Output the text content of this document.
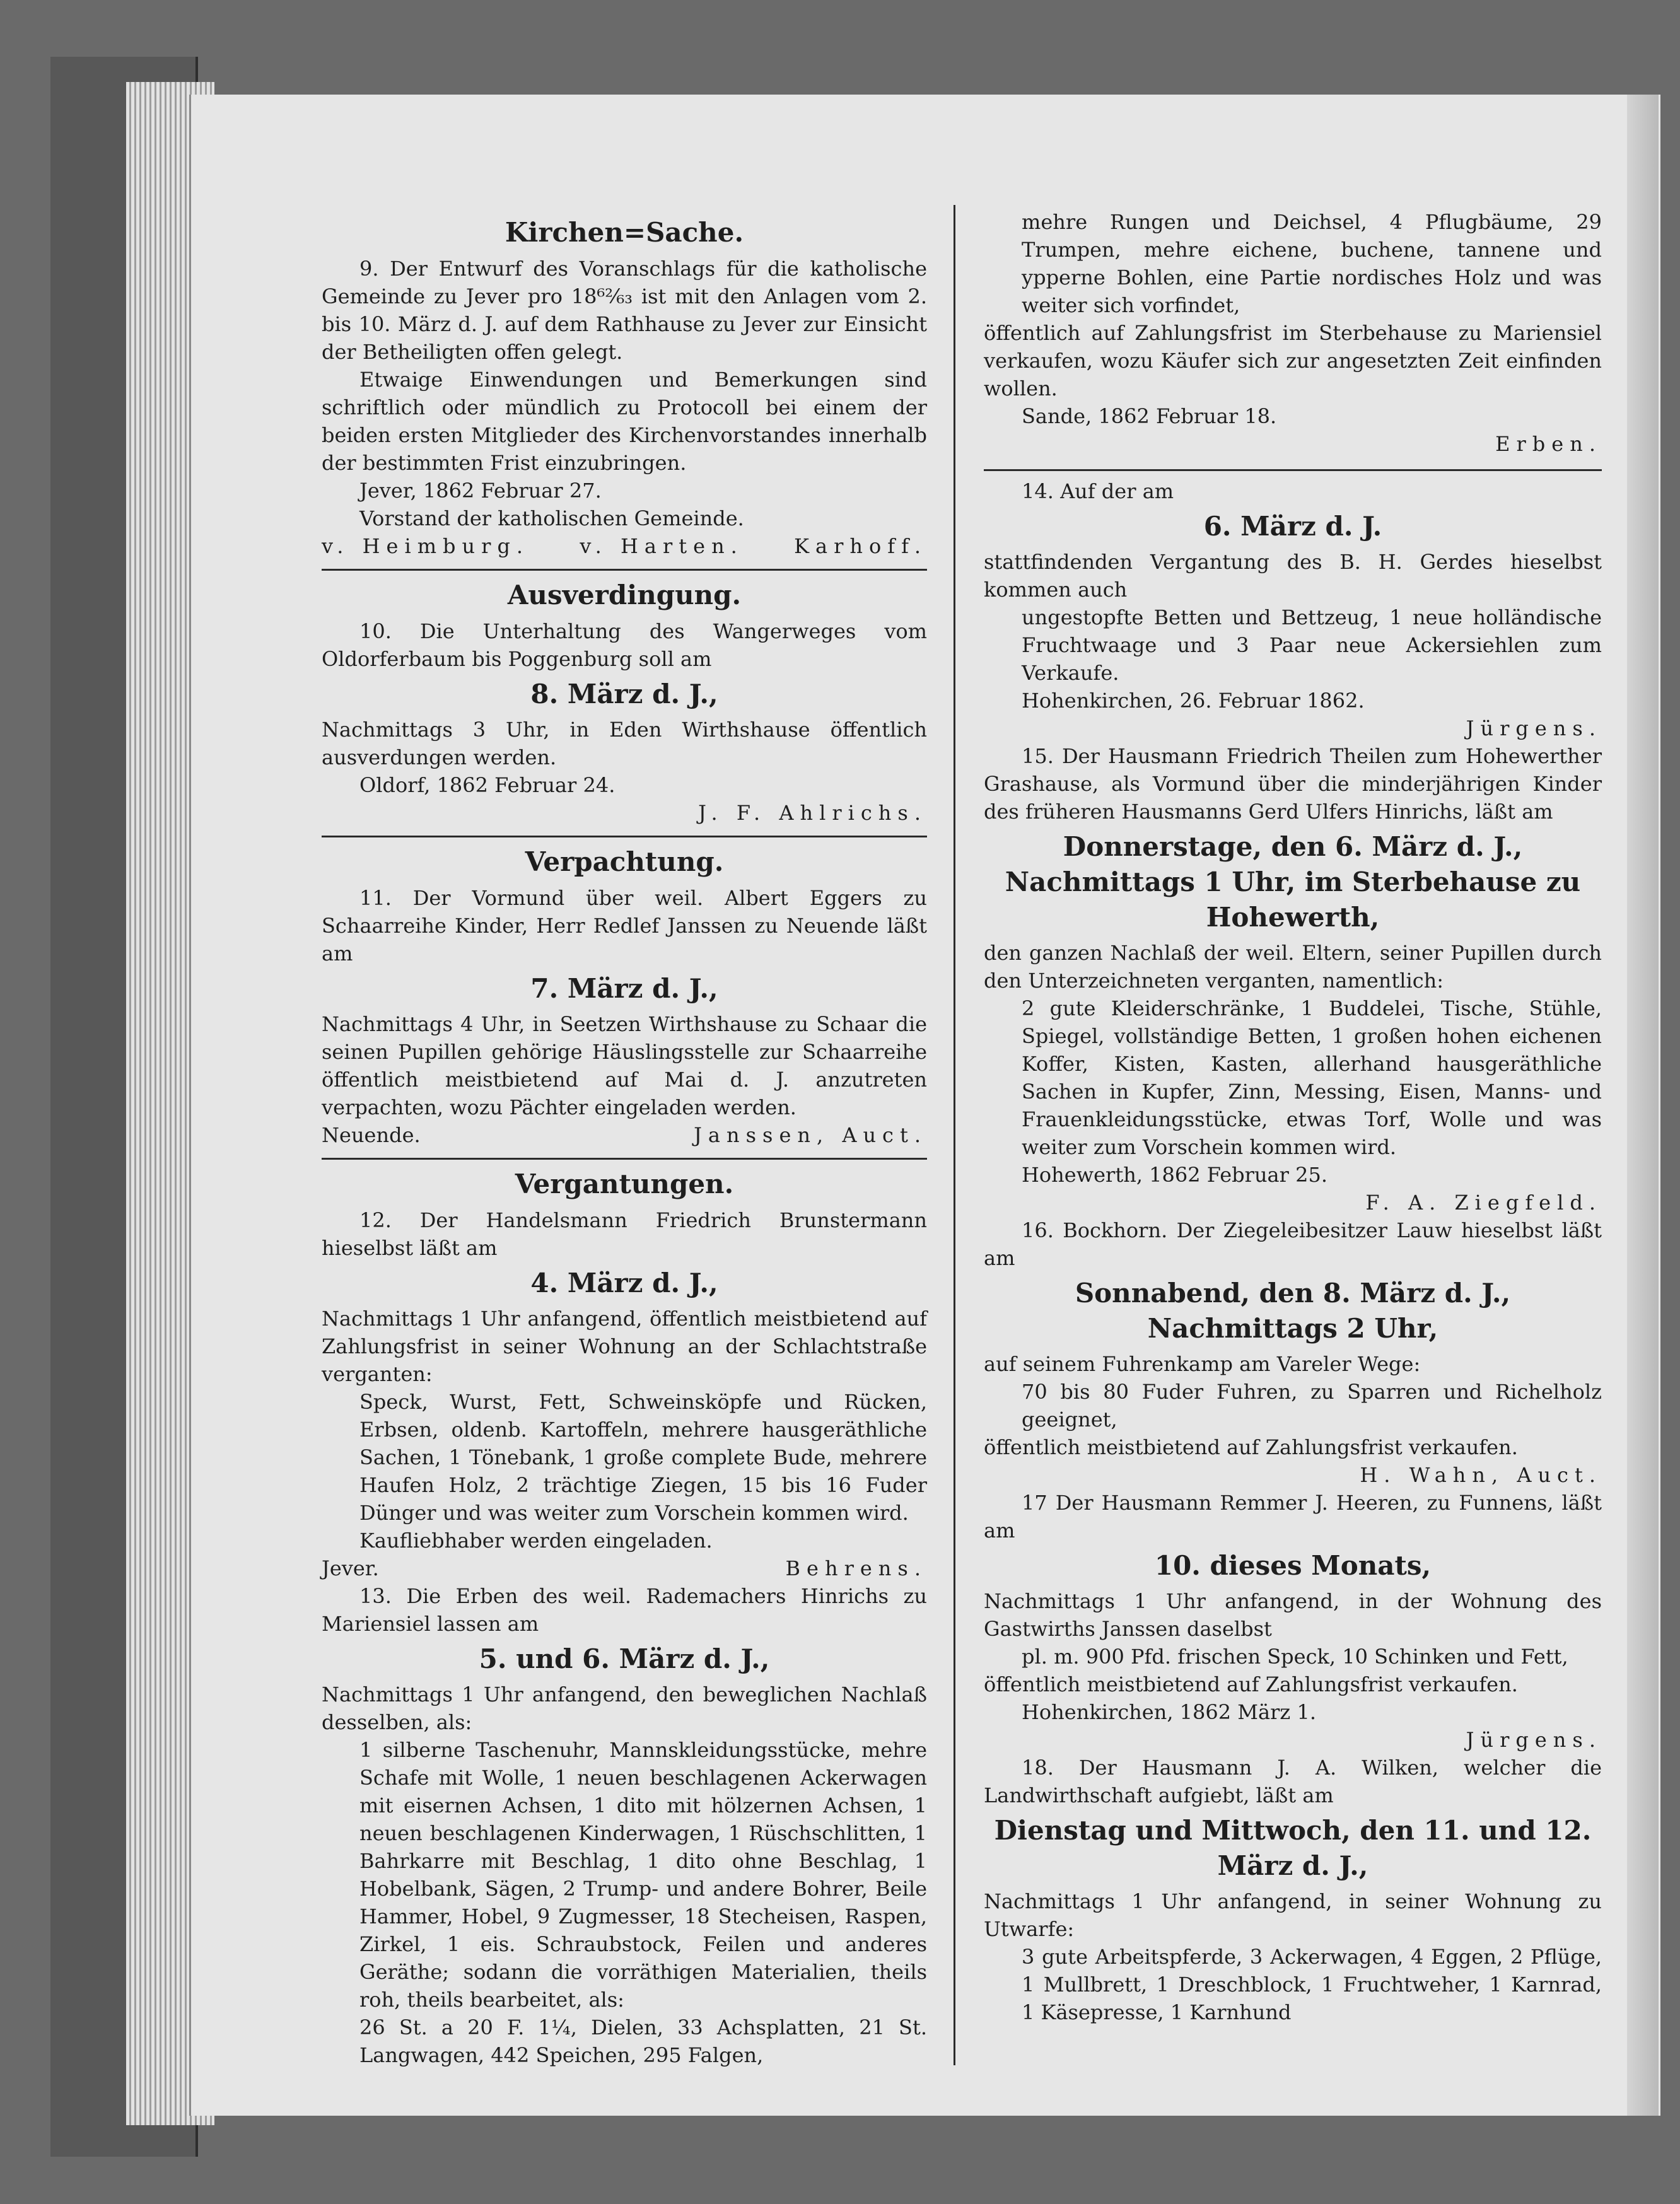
Kirchen=Sache.

9. Der Entwurf des Voranschlags für die katholische Gemeinde zu Jever pro 18⁶²⁄₆₃ ist mit den Anlagen vom 2. bis 10. März d. J. auf dem Rathhause zu Jever zur Einsicht der Betheiligten offen gelegt.

Etwaige Einwendungen und Bemerkungen sind schriftlich oder mündlich zu Protocoll bei einem der beiden ersten Mitglieder des Kirchenvorstandes innerhalb der bestimmten Frist einzubringen.

Jever, 1862 Februar 27.

Vorstand der katholischen Gemeinde.

v. Heimburg.	v. Harten.	Karhoff.
Ausverdingung.

10. Die Unterhaltung des Wangerweges vom Oldorferbaum bis Poggenburg soll am

8. März d. J.,

Nachmittags 3 Uhr, in Eden Wirthshause öffentlich ausverdungen werden.

Oldorf, 1862 Februar 24.

J. F. Ahlrichs.
Verpachtung.

11. Der Vormund über weil. Albert Eggers zu Schaarreihe Kinder, Herr Redlef Janssen zu Neuende läßt am

7. März d. J.,

Nachmittags 4 Uhr, in Seetzen Wirthshause zu Schaar die seinen Pupillen gehörige Häuslingsstelle zur Schaarreihe öffentlich meistbietend auf Mai d. J. anzutreten verpachten, wozu Pächter eingeladen werden.

Neuende.	Janssen, Auct.
Vergantungen.

12. Der Handelsmann Friedrich Brunstermann hieselbst läßt am

4. März d. J.,

Nachmittags 1 Uhr anfangend, öffentlich meistbietend auf Zahlungsfrist in seiner Wohnung an der Schlachtstraße verganten:

Speck, Wurst, Fett, Schweinsköpfe und Rücken, Erbsen, oldenb. Kartoffeln, mehrere hausgeräthliche Sachen, 1 Tönebank, 1 große complete Bude, mehrere Haufen Holz, 2 trächtige Ziegen, 15 bis 16 Fuder Dünger und was weiter zum Vorschein kommen wird.

Kaufliebhaber werden eingeladen.

Jever.	Behrens.

13. Die Erben des weil. Rademachers Hinrichs zu Mariensiel lassen am

5. und 6. März d. J.,

Nachmittags 1 Uhr anfangend, den beweglichen Nachlaß desselben, als:

1 silberne Taschenuhr, Mannskleidungsstücke, mehre Schafe mit Wolle, 1 neuen beschlagenen Ackerwagen mit eisernen Achsen, 1 dito mit hölzernen Achsen, 1 neuen beschlagenen Kinderwagen, 1 Rüschschlitten, 1 Bahrkarre mit Beschlag, 1 dito ohne Beschlag, 1 Hobelbank, Sägen, 2 Trump- und andere Bohrer, Beile Hammer, Hobel, 9 Zugmesser, 18 Stecheisen, Raspen, Zirkel, 1 eis. Schraubstock, Feilen und anderes Geräthe; sodann die vorräthigen Materialien, theils roh, theils bearbeitet, als:

26 St. a 20 F. 1¼, Dielen, 33 Achsplatten, 21 St. Langwagen, 442 Speichen, 295 Falgen,

mehre Rungen und Deichsel, 4 Pflugbäume, 29 Trumpen, mehre eichene, buchene, tannene und ypperne Bohlen, eine Partie nordisches Holz und was weiter sich vorfindet,

öffentlich auf Zahlungsfrist im Sterbehause zu Mariensiel verkaufen, wozu Käufer sich zur angesetzten Zeit einfinden wollen.

Sande, 1862 Februar 18.

Erben.

14. Auf der am

6. März d. J.

stattfindenden Vergantung des B. H. Gerdes hieselbst kommen auch

ungestopfte Betten und Bettzeug, 1 neue holländische Fruchtwaage und 3 Paar neue Ackersiehlen zum Verkaufe.

Hohenkirchen, 26. Februar 1862.

Jürgens.

15. Der Hausmann Friedrich Theilen zum Hohewerther Grashause, als Vormund über die minderjährigen Kinder des früheren Hausmanns Gerd Ulfers Hinrichs, läßt am

Donnerstage, den 6. März d. J., Nachmittags 1 Uhr, im Sterbehause zu Hohewerth,

den ganzen Nachlaß der weil. Eltern, seiner Pupillen durch den Unterzeichneten verganten, namentlich:

2 gute Kleiderschränke, 1 Buddelei, Tische, Stühle, Spiegel, vollständige Betten, 1 großen hohen eichenen Koffer, Kisten, Kasten, allerhand hausgeräthliche Sachen in Kupfer, Zinn, Messing, Eisen, Manns- und Frauenkleidungsstücke, etwas Torf, Wolle und was weiter zum Vorschein kommen wird.

Hohewerth, 1862 Februar 25.

F. A. Ziegfeld.

16. Bockhorn. Der Ziegeleibesitzer Lauw hieselbst läßt am

Sonnabend, den 8. März d. J., Nachmittags 2 Uhr,

auf seinem Fuhrenkamp am Vareler Wege:

70 bis 80 Fuder Fuhren, zu Sparren und Richelholz geeignet,

öffentlich meistbietend auf Zahlungsfrist verkaufen.

H. Wahn, Auct.

17 Der Hausmann Remmer J. Heeren, zu Funnens, läßt am

10. dieses Monats,

Nachmittags 1 Uhr anfangend, in der Wohnung des Gastwirths Janssen daselbst

pl. m. 900 Pfd. frischen Speck, 10 Schinken und Fett,

öffentlich meistbietend auf Zahlungsfrist verkaufen.

Hohenkirchen, 1862 März 1.

Jürgens.

18. Der Hausmann J. A. Wilken, welcher die Landwirthschaft aufgiebt, läßt am

Dienstag und Mittwoch, den 11. und 12. März d. J.,

Nachmittags 1 Uhr anfangend, in seiner Wohnung zu Utwarfe:

3 gute Arbeitspferde, 3 Ackerwagen, 4 Eggen, 2 Pflüge, 1 Mullbrett, 1 Dreschblock, 1 Fruchtweher, 1 Karnrad, 1 Käsepresse, 1 Karnhund
